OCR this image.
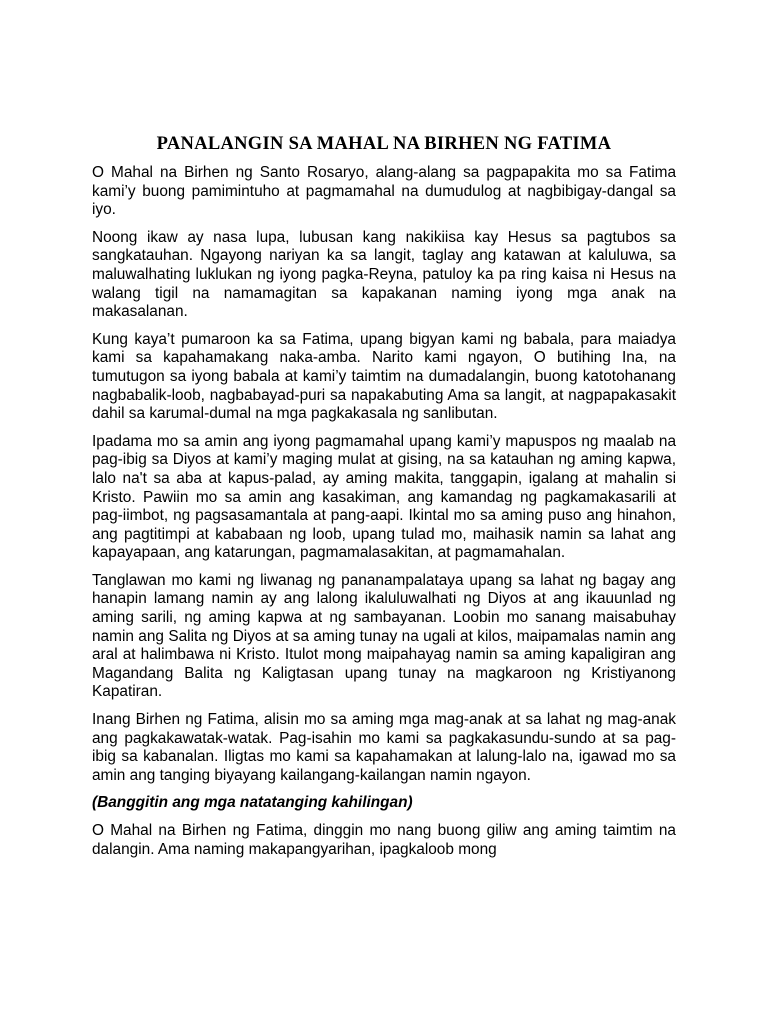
PANALANGIN SA MAHAL NA BIRHEN NG FATIMA

O Mahal na Birhen ng Santo Rosaryo, alang-alang sa pagpapakita mo sa Fatima kami’y buong pamimintuho at pagmamahal na dumudulog at nagbibigay-dangal sa iyo.

Noong ikaw ay nasa lupa, lubusan kang nakikiisa kay Hesus sa pagtubos sa sangkatauhan. Ngayong nariyan ka sa langit, taglay ang katawan at kaluluwa, sa maluwalhating luklukan ng iyong pagka-Reyna, patuloy ka pa ring kaisa ni Hesus na walang tigil na namamagitan sa kapakanan naming iyong mga anak na makasalanan.

Kung kaya’t pumaroon ka sa Fatima, upang bigyan kami ng babala, para maiadya kami sa kapahamakang naka-amba. Narito kami ngayon, O butihing Ina, na tumutugon sa iyong babala at kami’y taimtim na dumadalangin, buong katotohanang nagbabalik-loob, nagbabayad-puri sa napakabuting Ama sa langit, at nagpapakasakit dahil sa karumal-dumal na mga pagkakasala ng sanlibutan.

Ipadama mo sa amin ang iyong pagmamahal upang kami’y mapuspos ng maalab na pag-ibig sa Diyos at kami’y maging mulat at gising, na sa katauhan ng aming kapwa, lalo na't sa aba at kapus-palad, ay aming makita, tanggapin, igalang at mahalin si Kristo. Pawiin mo sa amin ang kasakiman, ang kamandag ng pagkamakasarili at pag-iimbot, ng pagsasamantala at pang-aapi. Ikintal mo sa aming puso ang hinahon, ang pagtitimpi at kababaan ng loob, upang tulad mo, maihasik namin sa lahat ang kapayapaan, ang katarungan, pagmamalasakitan, at pagmamahalan.

Tanglawan mo kami ng liwanag ng pananampalataya upang sa lahat ng bagay ang hanapin lamang namin ay ang lalong ikaluluwalhati ng Diyos at ang ikauunlad ng aming sarili, ng aming kapwa at ng sambayanan. Loobin mo sanang maisabuhay namin ang Salita ng Diyos at sa aming tunay na ugali at kilos, maipamalas namin ang aral at halimbawa ni Kristo. Itulot mong maipahayag namin sa aming kapaligiran ang Magandang Balita ng Kaligtasan upang tunay na magkaroon ng Kristiyanong Kapatiran.

Inang Birhen ng Fatima, alisin mo sa aming mga mag-anak at sa lahat ng mag-anak ang pagkakawatak-watak. Pag-isahin mo kami sa pagkakasundu-sundo at sa pag-ibig sa kabanalan. Iligtas mo kami sa kapahamakan at lalung-lalo na, igawad mo sa amin ang tanging biyayang kailangang-kailangan namin ngayon.

(Banggitin ang mga natatanging kahilingan)

O Mahal na Birhen ng Fatima, dinggin mo nang buong giliw ang aming taimtim na dalangin. Ama naming makapangyarihan, ipagkaloob mong
